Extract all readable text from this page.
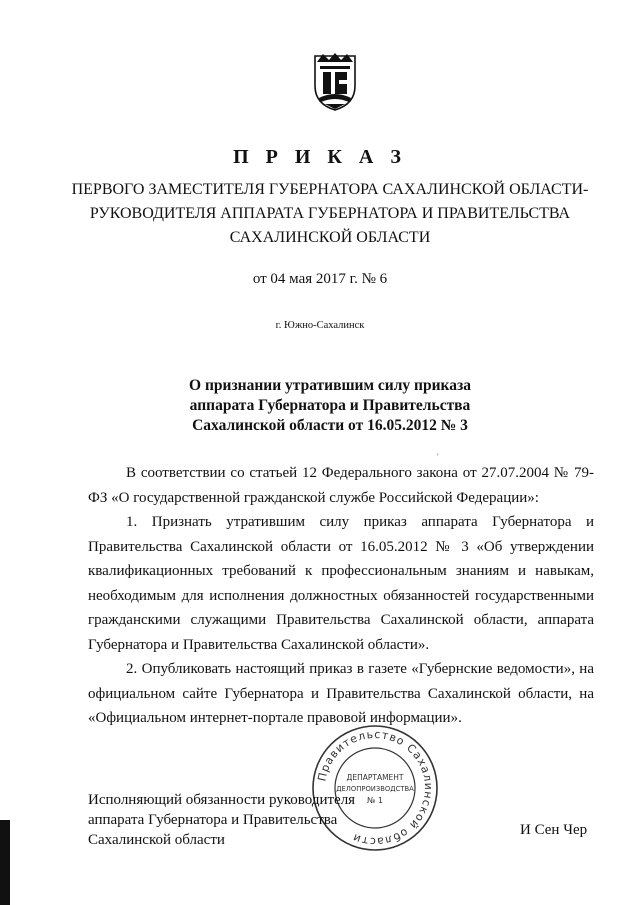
П Р И К А З
ПЕРВОГО ЗАМЕСТИТЕЛЯ ГУБЕРНАТОРА САХАЛИНСКОЙ ОБЛАСТИ-
РУКОВОДИТЕЛЯ АППАРАТА ГУБЕРНАТОРА И ПРАВИТЕЛЬСТВА
САХАЛИНСКОЙ ОБЛАСТИ
от 04 мая 2017 г. № 6
г. Южно-Сахалинск
О признании утратившим силу приказа
аппарата Губернатора и Правительства
Сахалинской области от 16.05.2012 № 3
'

В соответствии со статьей 12 Федерального закона от 27.07.2004 № 79-ФЗ «О государственной гражданской службе Российской Федерации»:

1. Признать утратившим силу приказ аппарата Губернатора и Правительства Сахалинской области от 16.05.2012 № 3 «Об утверждении квалификационных требований к профессиональным знаниям и навыкам, необходимым для исполнения должностных обязанностей государственными гражданскими служащими Правительства Сахалинской области, аппарата Губернатора и Правительства Сахалинской области».

2. Опубликовать настоящий приказ в газете «Губернские ведомости», на официальном сайте Губернатора и Правительства Сахалинской области, на «Официальном интернет-портале правовой информации».

Правительство Сахалинской области
ДЕПАРТАМЕНТ
ДЕЛОПРОИЗВОДСТВА
№ 1
Исполняющий обязанности руководителя
аппарата Губернатора и Правительства
Сахалинской области
И Сен Чер
